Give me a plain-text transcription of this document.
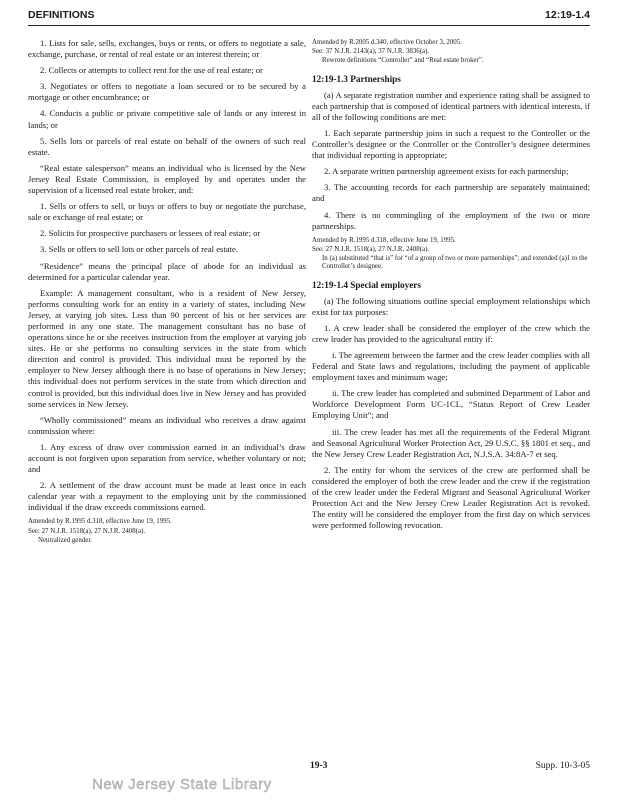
DEFINITIONS	12:19-1.4

1. Lists for sale, sells, exchanges, buys or rents, or offers to negotiate a sale, exchange, purchase, or rental of real estate or an interest therein; or

2. Collects or attempts to collect rent for the use of real estate; or

3. Negotiates or offers to negotiate a loan secured or to be secured by a mortgage or other encumbrance; or

4. Conducts a public or private competitive sale of lands or any interest in lands; or

5. Sells lots or parcels of real estate on behalf of the owners of such real estate.

“Real estate salesperson” means an individual who is licensed by the New Jersey Real Estate Commission, is employed by and operates under the supervision of a licensed real estate broker, and:

1. Sells or offers to sell, or buys or offers to buy or negotiate the purchase, sale or exchange of real estate; or

2. Solicits for prospective purchasers or lessees of real estate; or

3. Sells or offers to sell lots or other parcels of real estate.

“Residence” means the principal place of abode for an individual as determined for a particular calendar year.

Example: A management consultant, who is a resident of New Jersey, performs consulting work for an entity in a variety of states, including New Jersey, at varying job sites. Less than 90 percent of his or her services are performed in any one state. The management consultant has no base of operations since he or she receives instruction from the employer at varying job sites. He or she performs no consulting services in the state from which direction and control is provided. This individual must be reported by the employer to New Jersey although there is no base of operations in New Jersey; this individual does not perform services in the state from which direction and control is provided, but this individual does live in New Jersey and has provided some services in New Jersey.

“Wholly commissioned” means an individual who receives a draw against commission where:

1. Any excess of draw over commission earned in an individual’s draw account is not forgiven upon separation from service, whether voluntary or not; and

2. A settlement of the draw account must be made at least once in each calendar year with a repayment to the employing unit by the commissioned individual if the draw exceeds commissions earned.

Amended by R.1995 d.318, effective June 19, 1995.
See: 27 N.J.R. 1518(a), 27 N.J.R. 2408(a).
Neutralized gender.
Amended by R.2005 d.340, effective October 3, 2005.
See: 37 N.J.R. 2143(a), 37 N.J.R. 3836(a).
Rewrote definitions “Controller” and “Real estate broker”.
12:19-1.3 Partnerships

(a) A separate registration number and experience rating shall be assigned to each partnership that is composed of identical partners with identical interests, if all of the following conditions are met:

1. Each separate partnership joins in such a request to the Controller or the Controller’s designee or the Controller or the Controller’s designee determines that individual reporting is appropriate;

2. A separate written partnership agreement exists for each partnership;

3. The accounting records for each partnership are separately maintained; and

4. There is no commingling of the employment of the two or more partnerships.

Amended by R.1995 d.318, effective June 19, 1995.
See: 27 N.J.R. 1518(a), 27 N.J.R. 2408(a).
In (a) substituted “that is” for “of a group of two or more partnerships”; and extended (a)1 to the Controller’s designee.
12:19-1.4 Special employers

(a) The following situations outline special employment relationships which exist for tax purposes:

1. A crew leader shall be considered the employer of the crew which the crew leader has provided to the agricultural entity if:

i. The agreement between the farmer and the crew leader complies with all Federal and State laws and regulations, including the payment of applicable employment taxes and minimum wage;

ii. The crew leader has completed and submitted Department of Labor and Workforce Development Form UC-1CL, “Status Report of Crew Leader Employing Unit”; and

iii. The crew leader has met all the requirements of the Federal Migrant and Seasonal Agricultural Worker Protection Act, 29 U.S.C. §§ 1801 et seq., and the New Jersey Crew Leader Registration Act, N.J.S.A. 34:8A-7 et seq.

2. The entity for whom the services of the crew are performed shall be considered the employer of both the crew leader and the crew if the registration of the crew leader under the Federal Migrant and Seasonal Agricultural Worker Protection Act and the New Jersey Crew Leader Registration Act is revoked. The entity will be considered the employer from the first day on which services were performed following revocation.

19-3	Supp. 10-3-05
New Jersey State Library
